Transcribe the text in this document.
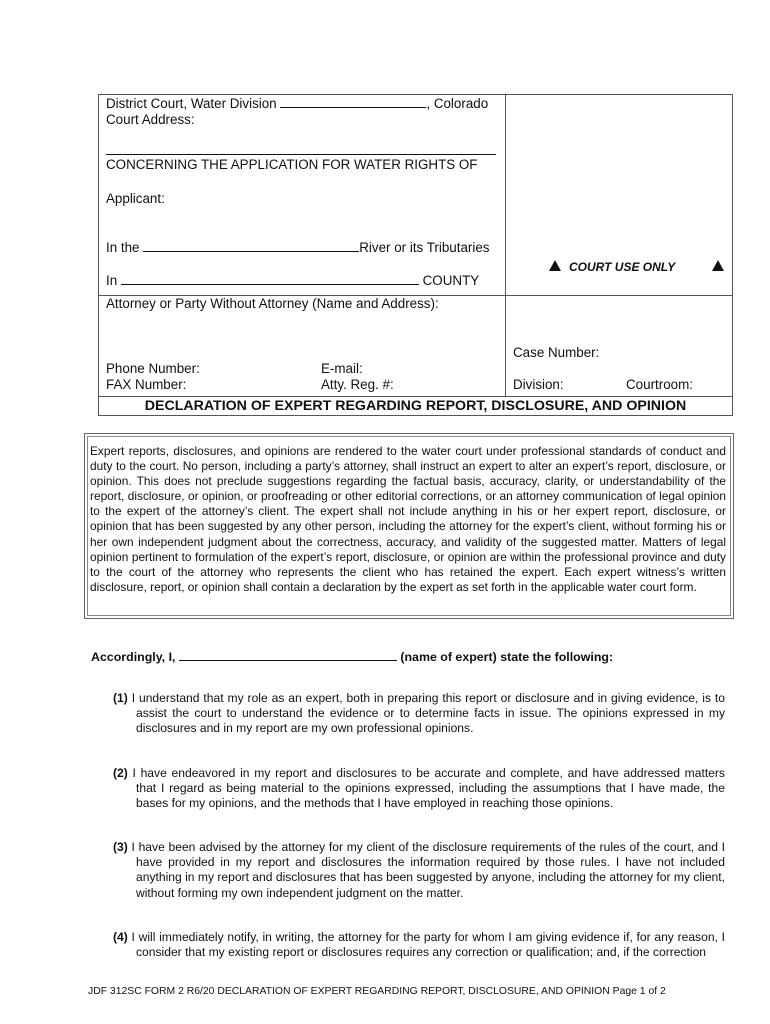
District Court, Water Division	, Colorado
Court Address:
CONCERNING THE APPLICATION FOR WATER RIGHTS OF
Applicant:
In the	River or its Tributaries
In	COUNTY
COURT USE ONLY
Attorney or Party Without Attorney (Name and Address):
Phone Number:	E-mail:
FAX Number:	Atty. Reg. #:
Case Number:
Division:	Courtroom:
DECLARATION OF EXPERT REGARDING REPORT, DISCLOSURE, AND OPINION
Expert reports, disclosures, and opinions are rendered to the water court under professional standards of conduct and duty to the court. No person, including a party’s attorney, shall instruct an expert to alter an expert’s report, disclosure, or opinion. This does not preclude suggestions regarding the factual basis, accuracy, clarity, or understandability of the report, disclosure, or opinion, or proofreading or other editorial corrections, or an attorney communication of legal opinion to the expert of the attorney’s client. The expert shall not include anything in his or her expert report, disclosure, or opinion that has been suggested by any other person, including the attorney for the expert’s client, without forming his or her own independent judgment about the correctness, accuracy, and validity of the suggested matter. Matters of legal opinion pertinent to formulation of the expert’s report, disclosure, or opinion are within the professional province and duty to the court of the attorney who represents the client who has retained the expert. Each expert witness’s written disclosure, report, or opinion shall contain a declaration by the expert as set forth in the applicable water court form.
Accordingly, I,	(name of expert) state the following:
(1) I understand that my role as an expert, both in preparing this report or disclosure and in giving evidence, is to assist the court to understand the evidence or to determine facts in issue. The opinions expressed in my disclosures and in my report are my own professional opinions.
(2) I have endeavored in my report and disclosures to be accurate and complete, and have addressed matters that I regard as being material to the opinions expressed, including the assumptions that I have made, the bases for my opinions, and the methods that I have employed in reaching those opinions.
(3) I have been advised by the attorney for my client of the disclosure requirements of the rules of the court, and I have provided in my report and disclosures the information required by those rules. I have not included anything in my report and disclosures that has been suggested by anyone, including the attorney for my client, without forming my own independent judgment on the matter.
(4) I will immediately notify, in writing, the attorney for the party for whom I am giving evidence if, for any reason, I consider that my existing report or disclosures requires any correction or qualification; and, if the correction
JDF 312SC FORM 2 R6/20 DECLARATION OF EXPERT REGARDING REPORT, DISCLOSURE, AND OPINION Page 1 of 2
